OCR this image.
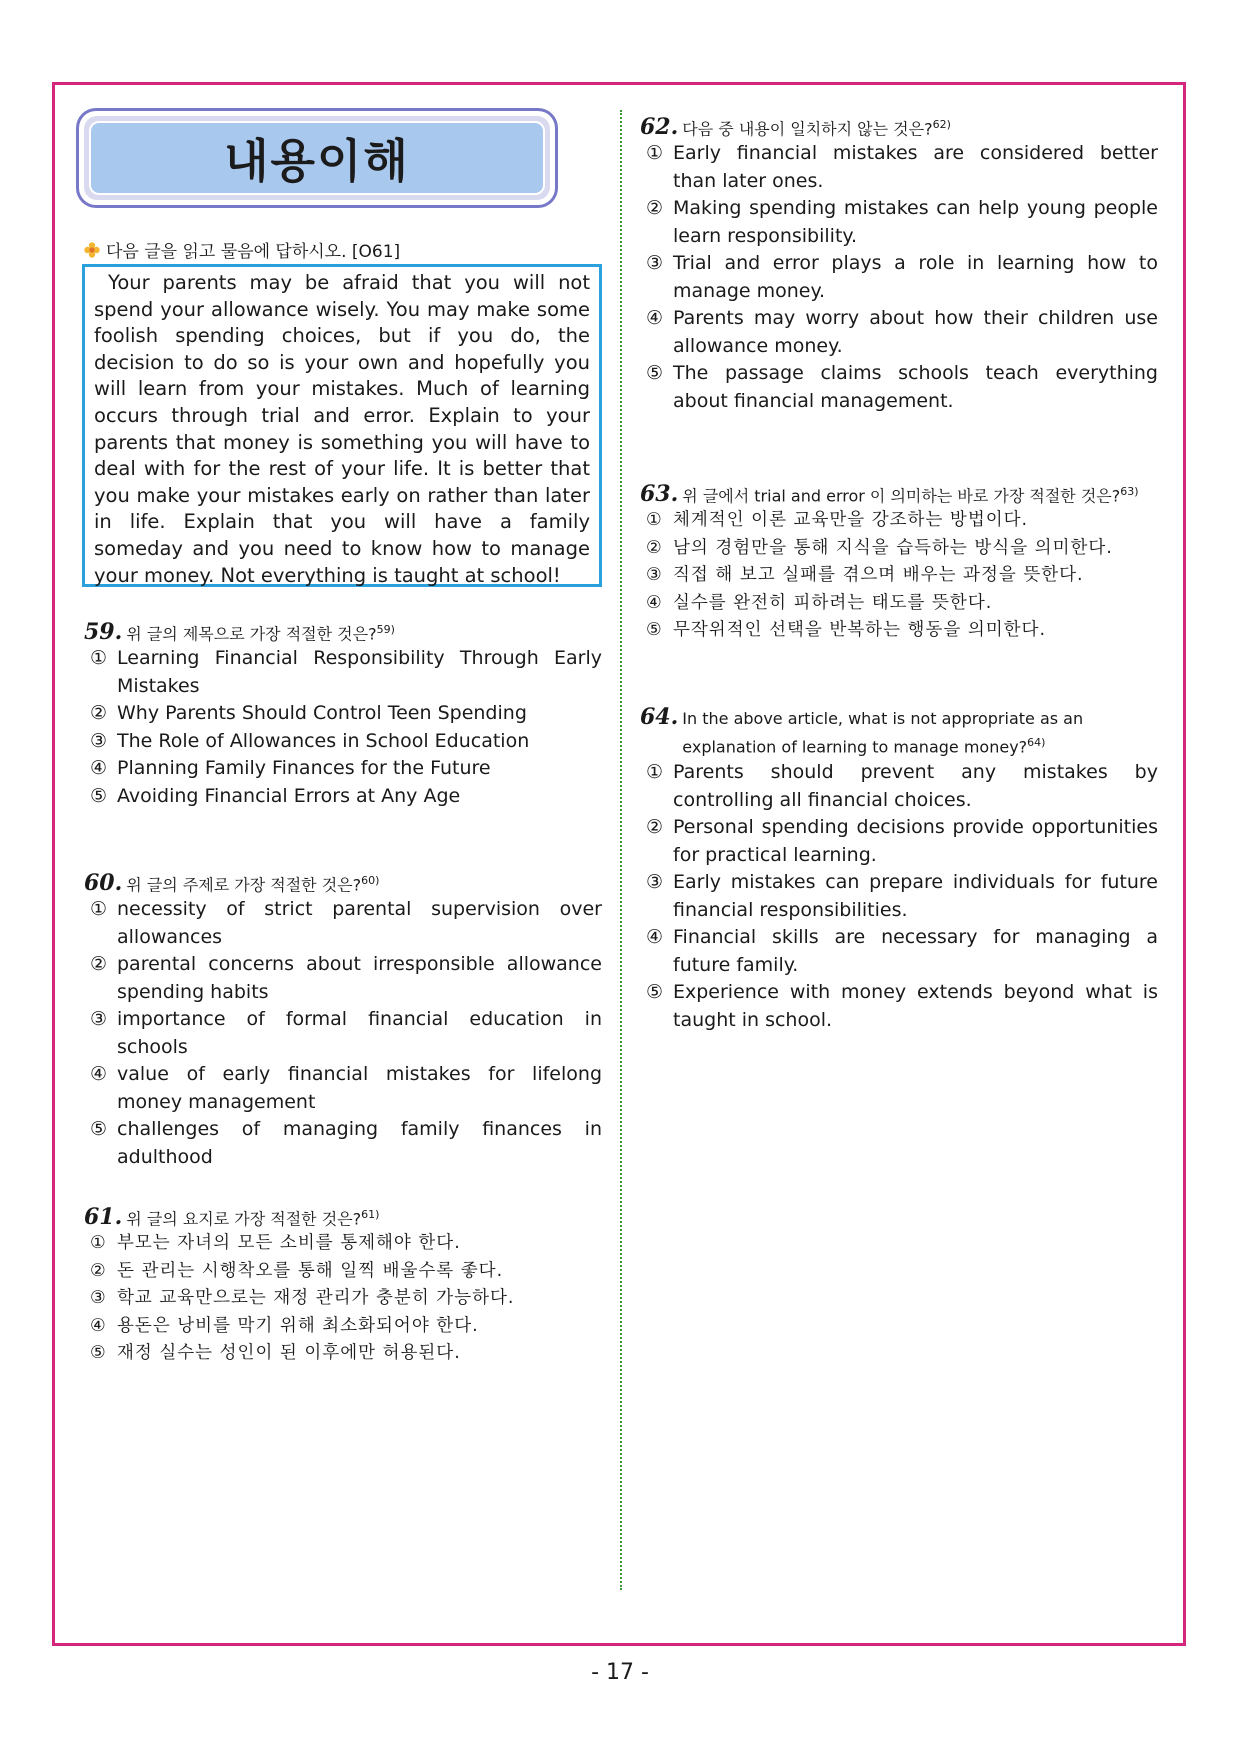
내용이해
다음 글을 읽고 물음에 답하시오. [O61]

Your parents may be afraid that you will not spend your allowance wisely. You may make some foolish spending choices, but if you do, the decision to do so is your own and hopefully you will learn from your mistakes. Much of learning occurs through trial and error. Explain to your parents that money is something you will have to deal with for the rest of your life. It is better that you make your mistakes early on rather than later in life. Explain that you will have a family someday and you need to know how to manage your money. Not everything is taught at school!

59. 위 글의 제목으로 가장 적절한 것은?$^{59)}$
① Learning Financial Responsibility Through Early Mistakes
② Why Parents Should Control Teen Spending
③ The Role of Allowances in School Education
④ Planning Family Finances for the Future
⑤ Avoiding Financial Errors at Any Age
60. 위 글의 주제로 가장 적절한 것은?$^{60)}$
① necessity of strict parental supervision over allowances
② parental concerns about irresponsible allowance spending habits
③ importance of formal financial education in schools
④ value of early financial mistakes for lifelong money management
⑤ challenges of managing family finances in adulthood
61. 위 글의 요지로 가장 적절한 것은?$^{61)}$
① 부모는 자녀의 모든 소비를 통제해야 한다.
② 돈 관리는 시행착오를 통해 일찍 배울수록 좋다.
③ 학교 교육만으로는 재정 관리가 충분히 가능하다.
④ 용돈은 낭비를 막기 위해 최소화되어야 한다.
⑤ 재정 실수는 성인이 된 이후에만 허용된다.
62. 다음 중 내용이 일치하지 않는 것은?$^{62)}$
① Early financial mistakes are considered better than later ones.
② Making spending mistakes can help young people learn responsibility.
③ Trial and error plays a role in learning how to manage money.
④ Parents may worry about how their children use allowance money.
⑤ The passage claims schools teach everything about financial management.
63. 위 글에서 trial and error 이 의미하는 바로 가장 적절한 것은?$^{63)}$
① 체계적인 이론 교육만을 강조하는 방법이다.
② 남의 경험만을 통해 지식을 습득하는 방식을 의미한다.
③ 직접 해 보고 실패를 겪으며 배우는 과정을 뜻한다.
④ 실수를 완전히 피하려는 태도를 뜻한다.
⑤ 무작위적인 선택을 반복하는 행동을 의미한다.
64. In the above article, what is not appropriate as an explanation of learning to manage money?$^{64)}$
① Parents should prevent any mistakes by controlling all financial choices.
② Personal spending decisions provide opportunities for practical learning.
③ Early mistakes can prepare individuals for future financial responsibilities.
④ Financial skills are necessary for managing a future family.
⑤ Experience with money extends beyond what is taught in school.
- 17 -
